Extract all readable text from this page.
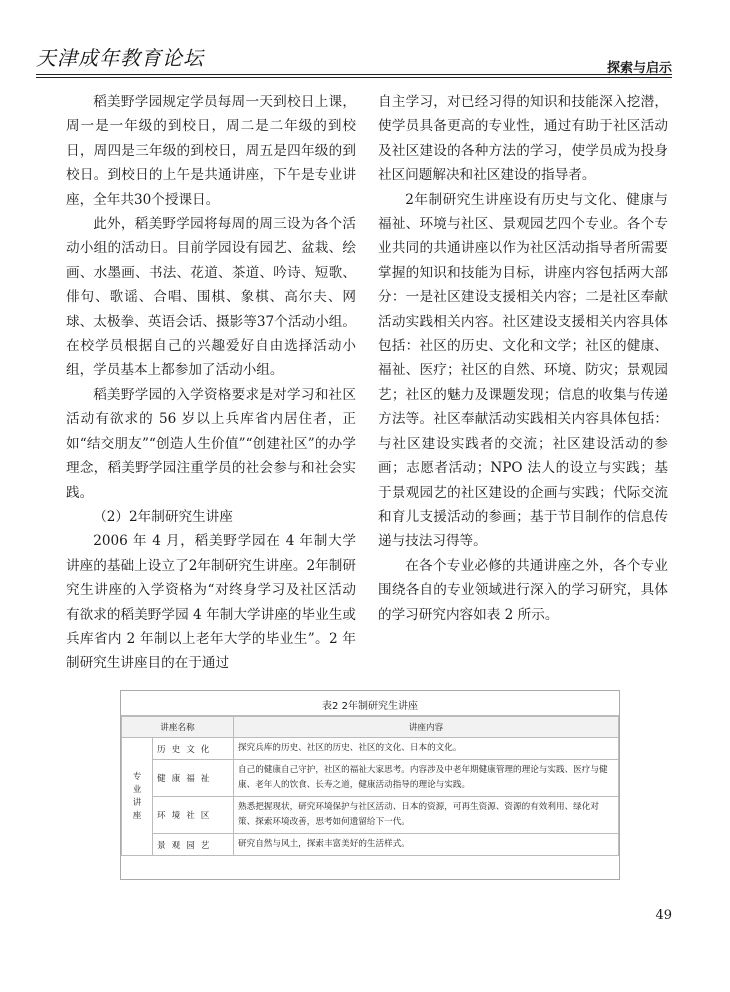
天津成年教育论坛	探索与启示

稻美野学园规定学员每周一天到校日上课，周一是一年级的到校日，周二是二年级的到校日，周四是三年级的到校日，周五是四年级的到校日。到校日的上午是共通讲座，下午是专业讲座，全年共30个授课日。

此外，稻美野学园将每周的周三设为各个活动小组的活动日。目前学园设有园艺、盆栽、绘画、水墨画、书法、花道、茶道、吟诗、短歌、俳句、歌谣、合唱、围棋、象棋、高尔夫、网球、太极拳、英语会话、摄影等37个活动小组。在校学员根据自己的兴趣爱好自由选择活动小组，学员基本上都参加了活动小组。

稻美野学园的入学资格要求是对学习和社区活动有欲求的 56 岁以上兵库省内居住者，正如“结交朋友”“创造人生价值”“创建社区”的办学理念，稻美野学园注重学员的社会参与和社会实践。

（2）2年制研究生讲座

2006 年 4 月，稻美野学园在 4 年制大学讲座的基础上设立了2年制研究生讲座。2年制研究生讲座的入学资格为“对终身学习及社区活动有欲求的稻美野学园 4 年制大学讲座的毕业生或兵库省内 2 年制以上老年大学的毕业生”。2 年制研究生讲座目的在于通过

自主学习，对已经习得的知识和技能深入挖潜，使学员具备更高的专业性，通过有助于社区活动及社区建设的各种方法的学习，使学员成为投身社区问题解决和社区建设的指导者。

2年制研究生讲座设有历史与文化、健康与福祉、环境与社区、景观园艺四个专业。各个专业共同的共通讲座以作为社区活动指导者所需要掌握的知识和技能为目标，讲座内容包括两大部分：一是社区建设支援相关内容；二是社区奉献活动实践相关内容。社区建设支援相关内容具体包括：社区的历史、文化和文学；社区的健康、福祉、医疗；社区的自然、环境、防灾；景观园艺；社区的魅力及课题发现；信息的收集与传递方法等。社区奉献活动实践相关内容具体包括：与社区建设实践者的交流；社区建设活动的参画；志愿者活动；NPO 法人的设立与实践；基于景观园艺的社区建设的企画与实践；代际交流和育儿支援活动的参画；基于节目制作的信息传递与技法习得等。

在各个专业必修的共通讲座之外，各个专业围绕各自的专业领域进行深入的学习研究，具体的学习研究内容如表 2 所示。

表2 2年制研究生讲座
讲座名称		讲座内容
专业讲座	历史文化	探究兵库的历史、社区的历史、社区的文化、日本的文化。
	健康福祉	自己的健康自己守护，社区的福祉大家思考。内容涉及中老年期健康管理的理论与实践、医疗与健康、老年人的饮食、长寿之道，健康活动指导的理论与实践。
	环境社区	熟悉把握现状，研究环境保护与社区活动、日本的资源，可再生资源、资源的有效利用、绿化对策、探索环境改善，思考如何遗留给下一代。
	景观园艺	研究自然与风土，探索丰富美好的生活样式。
49
